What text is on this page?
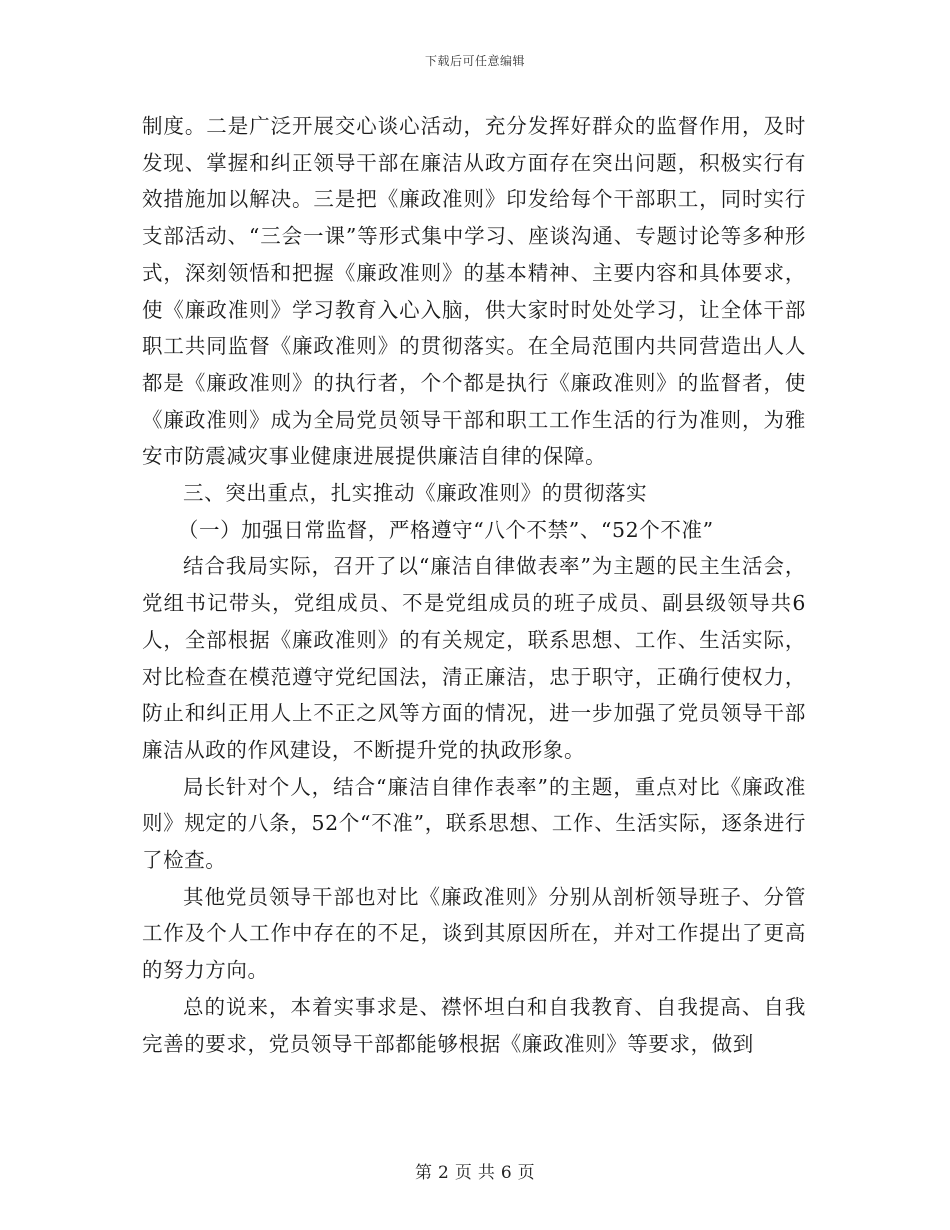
下载后可任意编辑

制度。二是广泛开展交心谈心活动，充分发挥好群众的监督作用，及时发现、掌握和纠正领导干部在廉洁从政方面存在突出问题，积极实行有效措施加以解决。三是把《廉政准则》印发给每个干部职工，同时实行支部活动、“三会一课”等形式集中学习、座谈沟通、专题讨论等多种形式，深刻领悟和把握《廉政准则》的基本精神、主要内容和具体要求，使《廉政准则》学习教育入心入脑，供大家时时处处学习，让全体干部职工共同监督《廉政准则》的贯彻落实。在全局范围内共同营造出人人都是《廉政准则》的执行者，个个都是执行《廉政准则》的监督者，使《廉政准则》成为全局党员领导干部和职工工作生活的行为准则，为雅安市防震减灾事业健康进展提供廉洁自律的保障。

三、突出重点，扎实推动《廉政准则》的贯彻落实

（一）加强日常监督，严格遵守“八个不禁”、“52个不准”

结合我局实际，召开了以“廉洁自律做表率”为主题的民主生活会，党组书记带头，党组成员、不是党组成员的班子成员、副县级领导共6人，全部根据《廉政准则》的有关规定，联系思想、工作、生活实际，对比检查在模范遵守党纪国法，清正廉洁，忠于职守，正确行使权力，防止和纠正用人上不正之风等方面的情况，进一步加强了党员领导干部廉洁从政的作风建设，不断提升党的执政形象。

局长针对个人，结合“廉洁自律作表率”的主题，重点对比《廉政准则》规定的八条，52个“不准”，联系思想、工作、生活实际，逐条进行了检查。

其他党员领导干部也对比《廉政准则》分别从剖析领导班子、分管工作及个人工作中存在的不足，谈到其原因所在，并对工作提出了更高的努力方向。

总的说来，本着实事求是、襟怀坦白和自我教育、自我提高、自我完善的要求，党员领导干部都能够根据《廉政准则》等要求，做到

第 2 页 共 6 页
